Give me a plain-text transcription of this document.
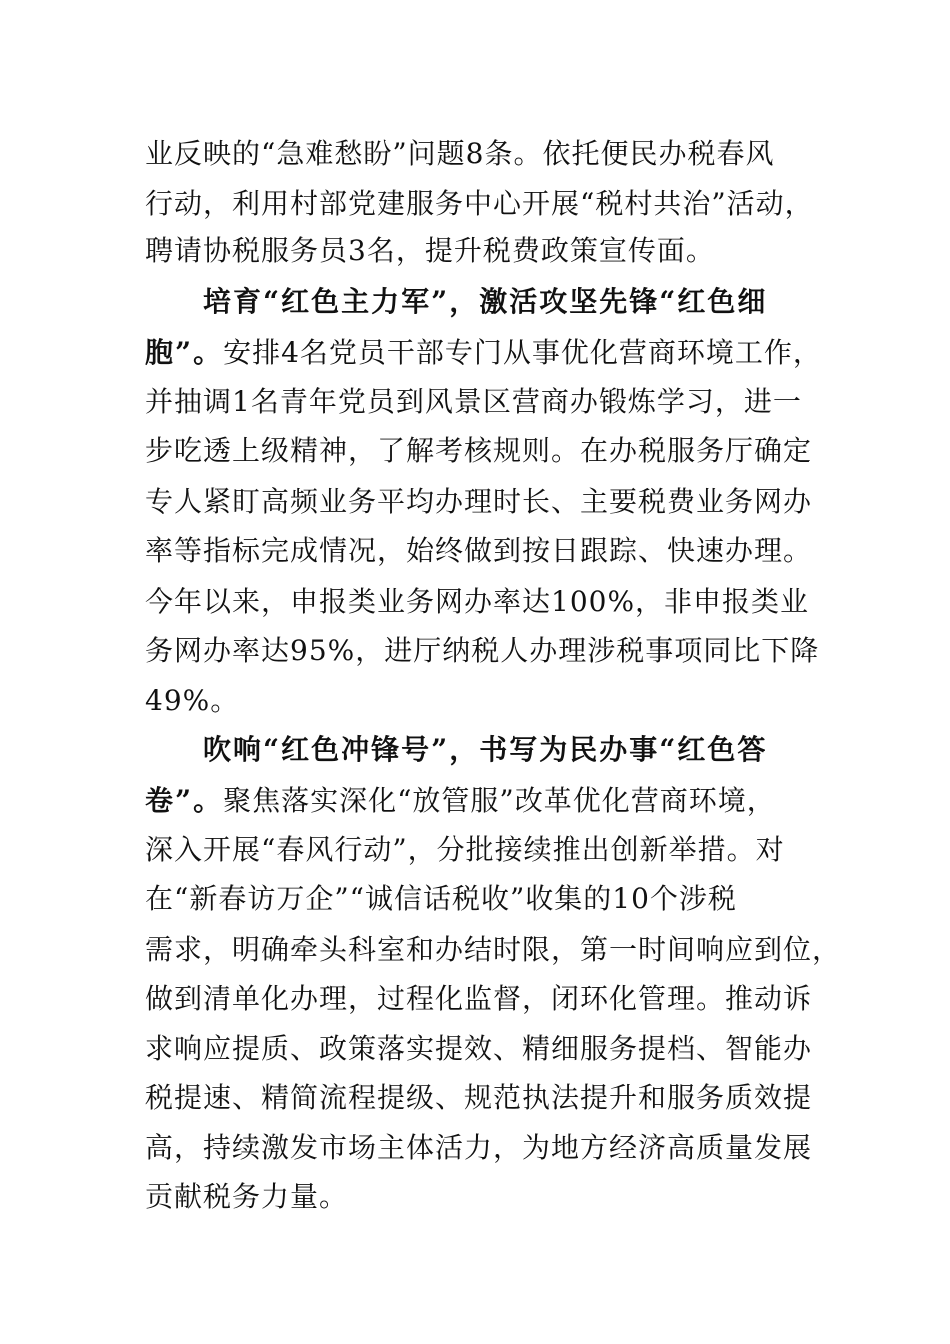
业反映的“急难愁盼”问题8条。依托便民办税春风

行动，利用村部党建服务中心开展“税村共治”活动，

聘请协税服务员3名，提升税费政策宣传面。

培育“红色主力军”，激活攻坚先锋“红色细

胞”。安排4名党员干部专门从事优化营商环境工作，

并抽调1名青年党员到风景区营商办锻炼学习，进一

步吃透上级精神，了解考核规则。在办税服务厅确定

专人紧盯高频业务平均办理时长、主要税费业务网办

率等指标完成情况，始终做到按日跟踪、快速办理。

今年以来，申报类业务网办率达100%，非申报类业

务网办率达95%，进厅纳税人办理涉税事项同比下降

49%。

吹响“红色冲锋号”，书写为民办事“红色答

卷”。聚焦落实深化“放管服”改革优化营商环境，

深入开展“春风行动”，分批接续推出创新举措。对

在“新春访万企”“诚信话税收”收集的10个涉税

需求，明确牵头科室和办结时限，第一时间响应到位，

做到清单化办理，过程化监督，闭环化管理。推动诉

求响应提质、政策落实提效、精细服务提档、智能办

税提速、精简流程提级、规范执法提升和服务质效提

高，持续激发市场主体活力，为地方经济高质量发展

贡献税务力量。
